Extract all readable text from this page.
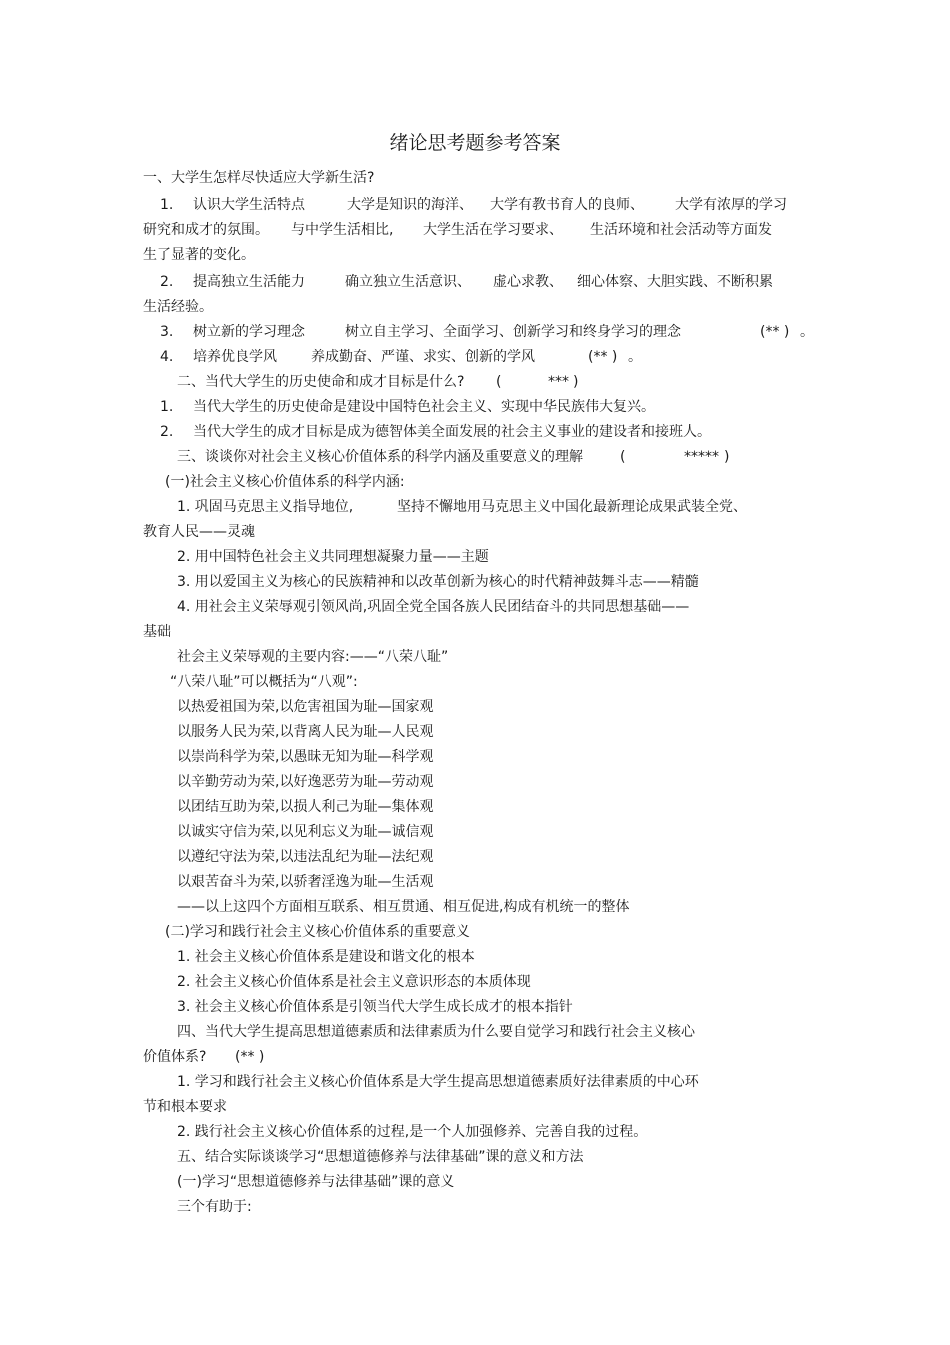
绪论思考题参考答案
一、大学生怎样尽快适应大学新生活?
1. 认识大学生活特点	大学是知识的海洋、 大学有教书育人的良师、 大学有浓厚的学习
研究和成才的氛围。 与中学生活相比, 大学生活在学习要求、 生活环境和社会活动等方面发
生了显著的变化。
2. 提高独立生活能力	确立独立生活意识、 虚心求教、 细心体察、大胆实践、不断积累
生活经验。
3. 树立新的学习理念	树立自主学习、全面学习、创新学习和终身学习的理念	(** ) 。
4. 培养优良学风 养成勤奋、严谨、求实、创新的学风	(** ) 。
二、当代大学生的历史使命和成才目标是什么? (	*** )
1. 当代大学生的历史使命是建设中国特色社会主义、实现中华民族伟大复兴。
2. 当代大学生的成才目标是成为德智体美全面发展的社会主义事业的建设者和接班人。
三、谈谈你对社会主义核心价值体系的科学内涵及重要意义的理解	(	***** )
(一)社会主义核心价值体系的科学内涵:
1. 巩固马克思主义指导地位,	坚持不懈地用马克思主义中国化最新理论成果武装全党、
教育人民——灵魂
2. 用中国特色社会主义共同理想凝聚力量——主题
3. 用以爱国主义为核心的民族精神和以改革创新为核心的时代精神鼓舞斗志——精髓
4. 用社会主义荣辱观引领风尚,巩固全党全国各族人民团结奋斗的共同思想基础——
基础
社会主义荣辱观的主要内容:——“八荣八耻”
“八荣八耻”可以概括为“八观”:
以热爱祖国为荣,以危害祖国为耻—国家观
以服务人民为荣,以背离人民为耻—人民观
以崇尚科学为荣,以愚昧无知为耻—科学观
以辛勤劳动为荣,以好逸恶劳为耻—劳动观
以团结互助为荣,以损人利己为耻—集体观
以诚实守信为荣,以见利忘义为耻—诚信观
以遵纪守法为荣,以违法乱纪为耻—法纪观
以艰苦奋斗为荣,以骄奢淫逸为耻—生活观
——以上这四个方面相互联系、相互贯通、相互促进,构成有机统一的整体
(二)学习和践行社会主义核心价值体系的重要意义
1. 社会主义核心价值体系是建设和谐文化的根本
2. 社会主义核心价值体系是社会主义意识形态的本质体现
3. 社会主义核心价值体系是引领当代大学生成长成才的根本指针
四、当代大学生提高思想道德素质和法律素质为什么要自觉学习和践行社会主义核心
价值体系? (** )
1. 学习和践行社会主义核心价值体系是大学生提高思想道德素质好法律素质的中心环
节和根本要求
2. 践行社会主义核心价值体系的过程,是一个人加强修养、完善自我的过程。
五、结合实际谈谈学习“思想道德修养与法律基础”课的意义和方法
(一)学习“思想道德修养与法律基础”课的意义
三个有助于:
